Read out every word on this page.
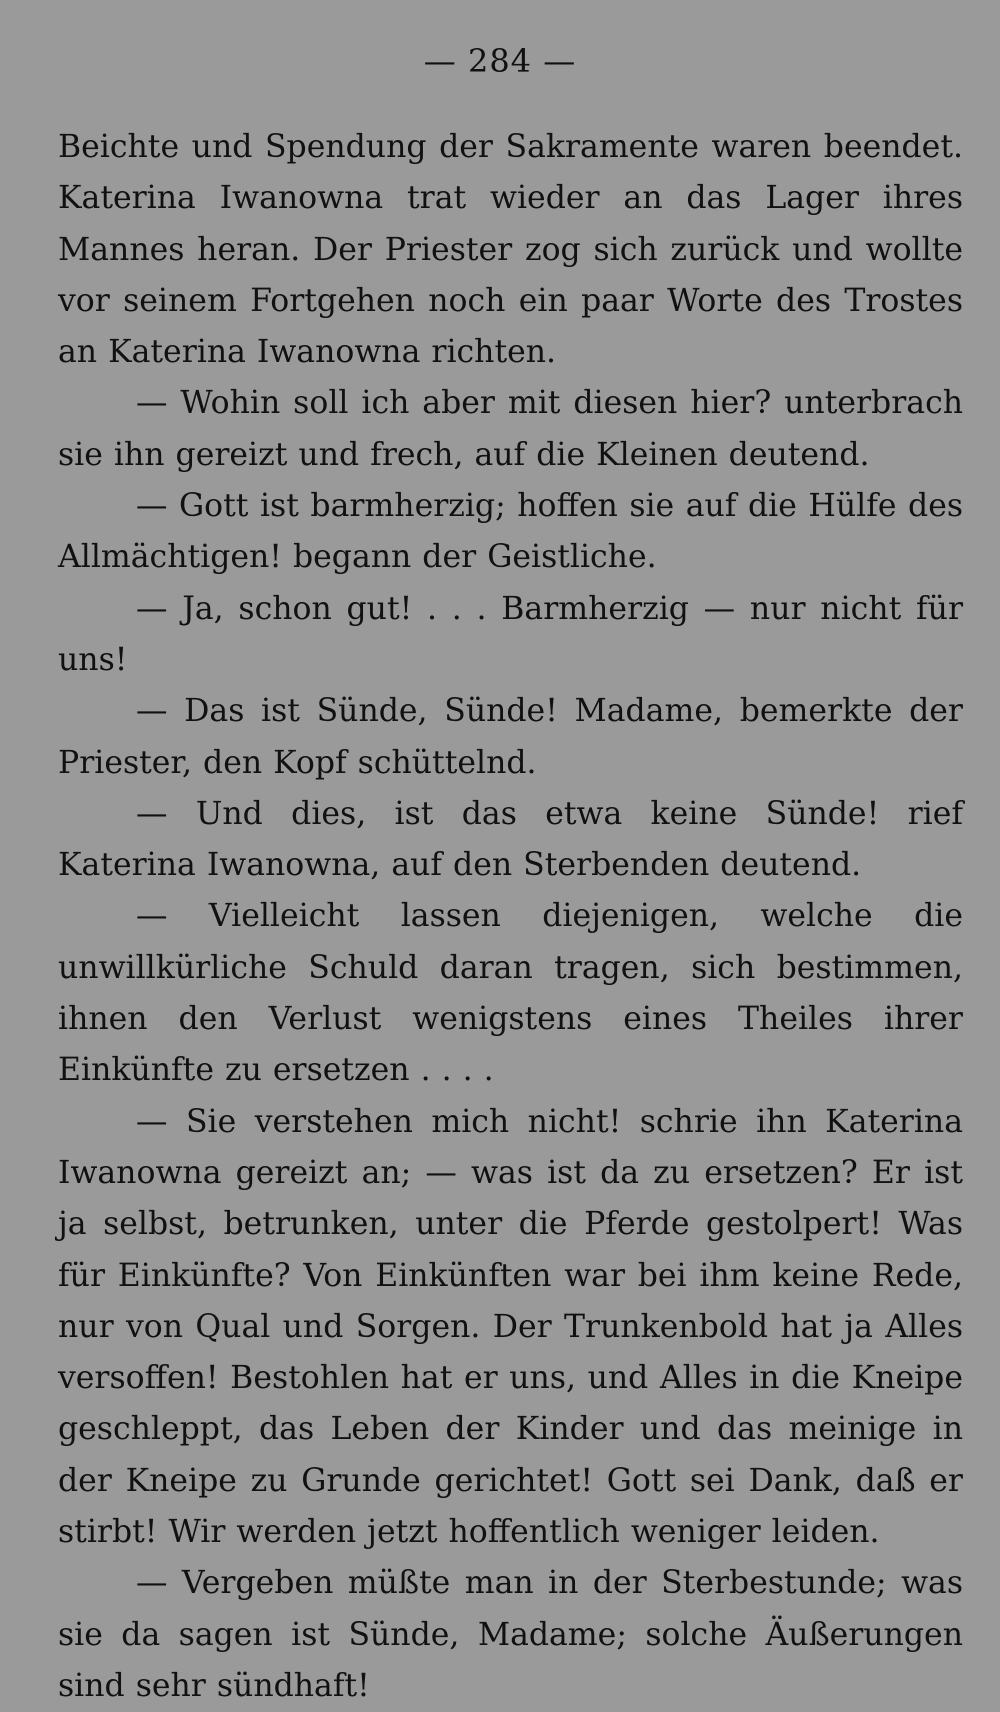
— 284 —

Beichte und Spendung der Sakramente waren beendet. Katerina Iwanowna trat wieder an das Lager ihres Mannes heran. Der Priester zog sich zurück und wollte vor seinem Fortgehen noch ein paar Worte des Trostes an Katerina Iwanowna richten.

— Wohin soll ich aber mit diesen hier? unterbrach sie ihn gereizt und frech, auf die Kleinen deutend.

— Gott ist barmherzig; hoffen sie auf die Hülfe des Allmächtigen! begann der Geistliche.

— Ja, schon gut! . . . Barmherzig — nur nicht für uns!

— Das ist Sünde, Sünde! Madame, bemerkte der Priester, den Kopf schüttelnd.

— Und dies, ist das etwa keine Sünde! rief Katerina Iwanowna, auf den Sterbenden deutend.

— Vielleicht lassen diejenigen, welche die unwillkürliche Schuld daran tragen, sich bestimmen, ihnen den Verlust wenigstens eines Theiles ihrer Einkünfte zu ersetzen . . . .

— Sie verstehen mich nicht! schrie ihn Katerina Iwanowna gereizt an; — was ist da zu ersetzen? Er ist ja selbst, betrunken, unter die Pferde gestolpert! Was für Einkünfte? Von Einkünften war bei ihm keine Rede, nur von Qual und Sorgen. Der Trunkenbold hat ja Alles versoffen! Bestohlen hat er uns, und Alles in die Kneipe geschleppt, das Leben der Kinder und das meinige in der Kneipe zu Grunde gerichtet! Gott sei Dank, daß er stirbt! Wir werden jetzt hoffentlich weniger leiden.

— Vergeben müßte man in der Sterbestunde; was sie da sagen ist Sünde, Madame; solche Äußerungen sind sehr sündhaft!
